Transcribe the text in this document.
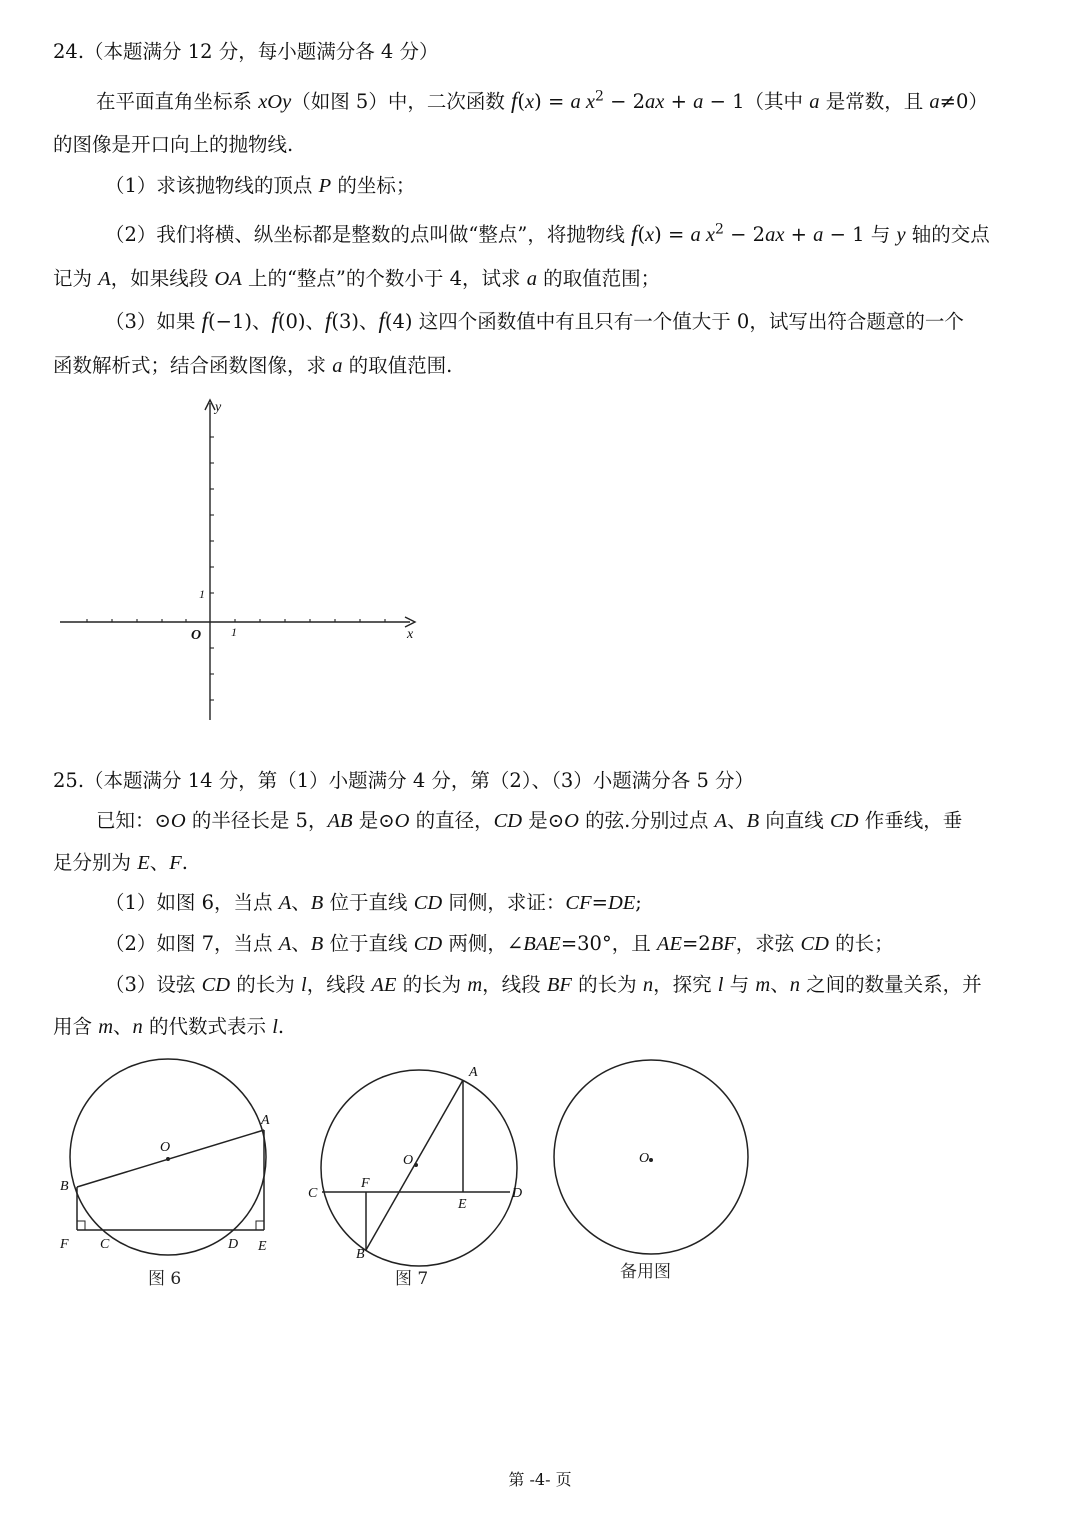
24.（本题满分 12 分，每小题满分各 4 分）
在平面直角坐标系 xOy（如图 5）中，二次函数 f(x) = a $x^2 - 2ax + a - 1$（其中 a 是常数，且 a≠0）
的图像是开口向上的抛物线.
（1）求该抛物线的顶点 P 的坐标；
（2）我们将横、纵坐标都是整数的点叫做“整点”，将抛物线 f(x) = a $x^2 - 2ax + a - 1$ 与 y 轴的交点
记为 A，如果线段 OA 上的“整点”的个数小于 4，试求 a 的取值范围；
（3）如果 f(−1)、f(0)、f(3)、f(4) 这四个函数值中有且只有一个值大于 0，试写出符合题意的一个
函数解析式；结合函数图像，求 a 的取值范围.
y
x
O 1
1
25.（本题满分 14 分，第（1）小题满分 4 分，第（2）、（3）小题满分各 5 分）
已知：⊙O 的半径长是 5，AB 是⊙O 的直径，CD 是⊙O 的弦.分别过点 A、B 向直线 CD 作垂线，垂
足分别为 E、F.
（1）如图 6，当点 A、B 位于直线 CD 同侧，求证：CF=DE;
（2）如图 7，当点 A、B 位于直线 CD 两侧，∠BAE=30°，且 AE=2BF，求弦 CD 的长；
（3）设弦 CD 的长为 l，线段 AE 的长为 m，线段 BF 的长为 n，探究 l 与 m、n 之间的数量关系，并
用含 m、n 的代数式表示 l.
O
A
B
C	D E
F
图 6
A
O
C	D
E
F
B
图 7
O
备用图
第 -4- 页
